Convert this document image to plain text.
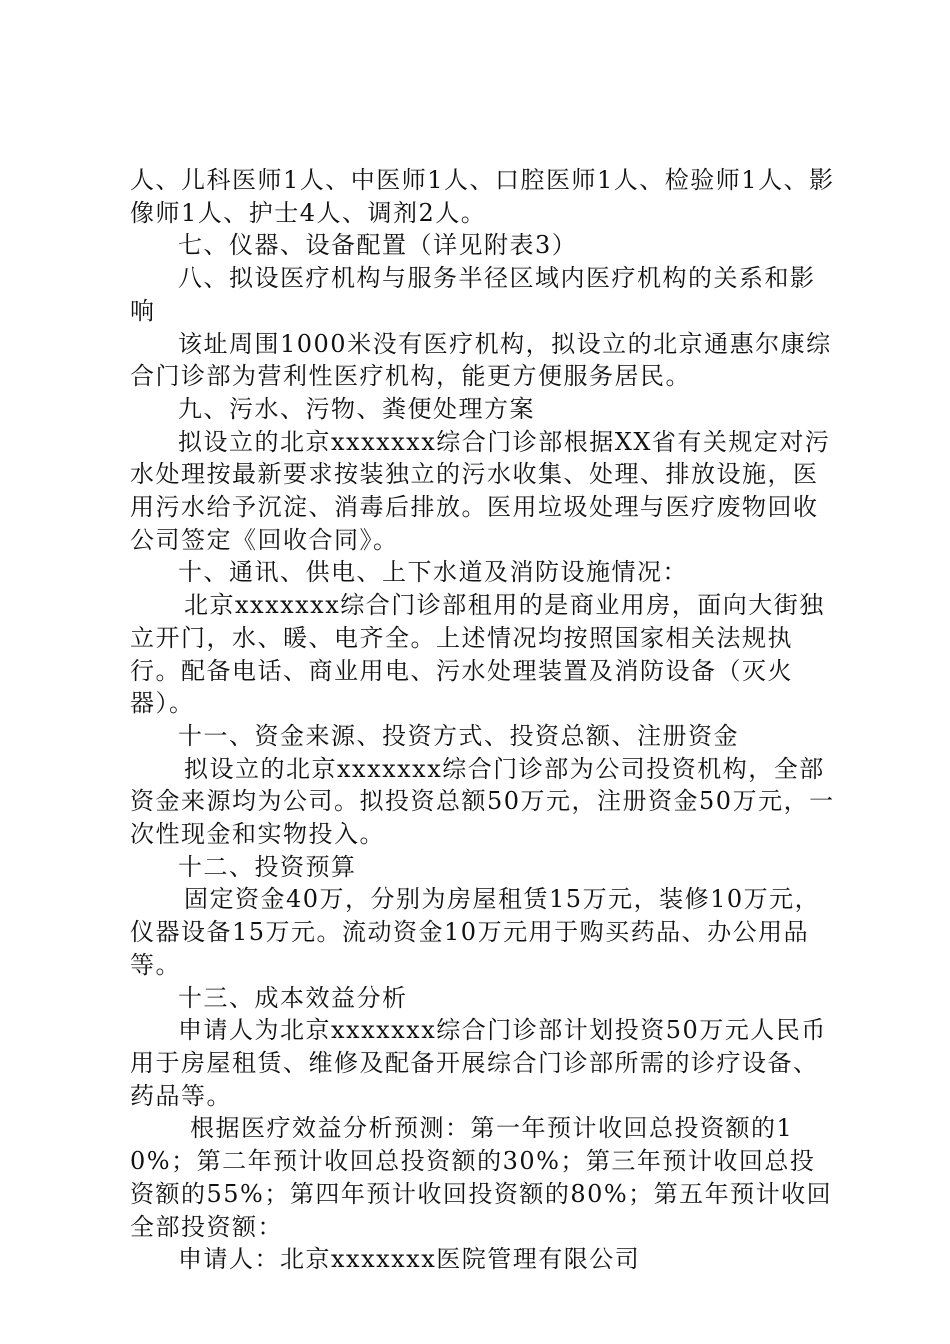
人、儿科医师1人、中医师1人、口腔医师1人、检验师1人、影像师1人、护士4人、调剂2人。

七、仪器、设备配置（详见附表3）

八、拟设医疗机构与服务半径区域内医疗机构的关系和影响

该址周围1000米没有医疗机构，拟设立的北京通惠尔康综合门诊部为营利性医疗机构，能更方便服务居民。

九、污水、污物、粪便处理方案

拟设立的北京xxxxxxx综合门诊部根据XX省有关规定对污水处理按最新要求按装独立的污水收集、处理、排放设施，医用污水给予沉淀、消毒后排放。医用垃圾处理与医疗废物回收公司签定《回收合同》。

十、通讯、供电、上下水道及消防设施情况：

北京xxxxxxx综合门诊部租用的是商业用房，面向大街独立开门，水、暖、电齐全。上述情况均按照国家相关法规执行。配备电话、商业用电、污水处理装置及消防设备（灭火器）。

十一、资金来源、投资方式、投资总额、注册资金

拟设立的北京xxxxxxx综合门诊部为公司投资机构，全部资金来源均为公司。拟投资总额50万元，注册资金50万元，一次性现金和实物投入。

十二、投资预算

固定资金40万，分别为房屋租赁15万元，装修10万元，仪器设备15万元。流动资金10万元用于购买药品、办公用品等。

十三、成本效益分析

申请人为北京xxxxxxx综合门诊部计划投资50万元人民币用于房屋租赁、维修及配备开展综合门诊部所需的诊疗设备、药品等。

根据医疗效益分析预测：第一年预计收回总投资额的10%；第二年预计收回总投资额的30%；第三年预计收回总投资额的55%；第四年预计收回投资额的80%；第五年预计收回全部投资额：

申请人：北京xxxxxxx医院管理有限公司
